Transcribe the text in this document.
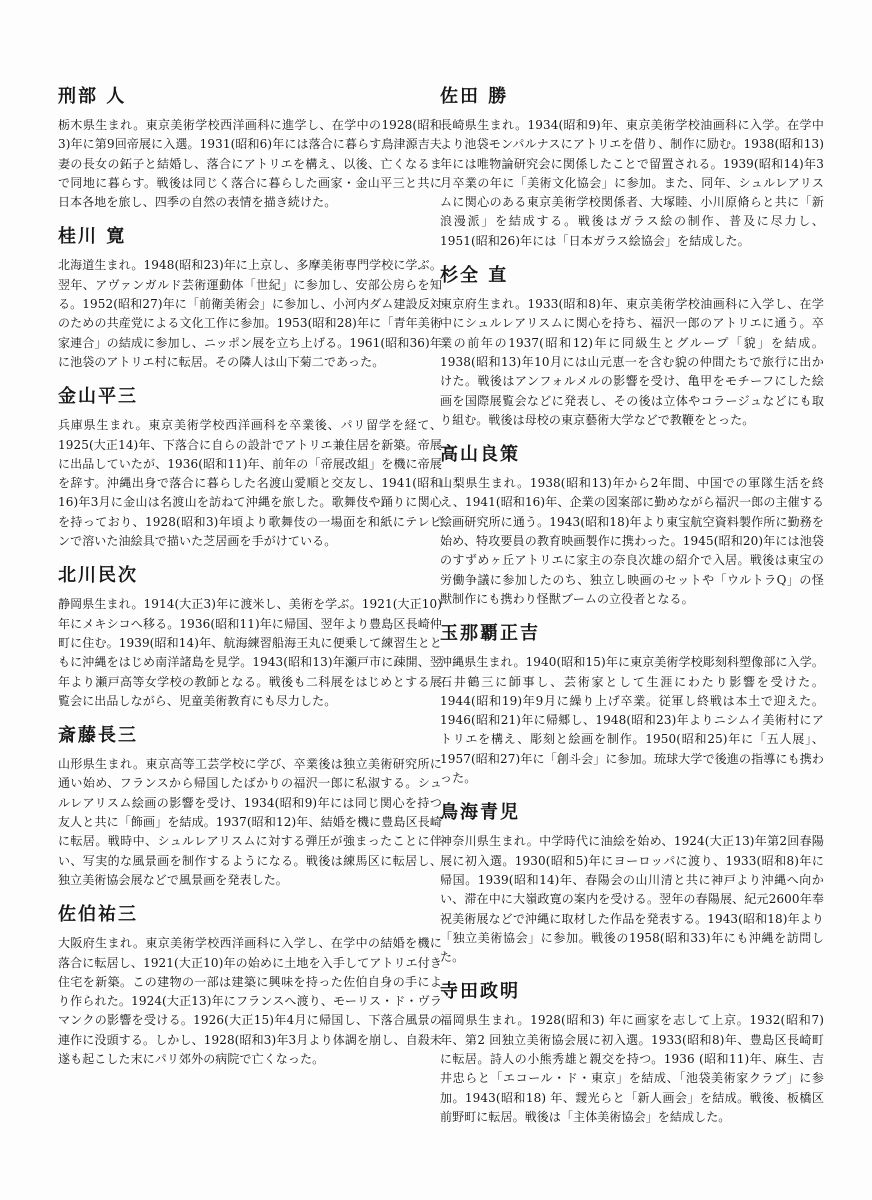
刑部 人

栃木県生まれ。東京美術学校西洋画科に進学し、在学中の1928(昭和3)年に第9回帝展に入選。1931(昭和6)年には落合に暮らす鳥津源吉夫妻の長女の鉐子と結婚し、落合にアトリエを構え、以後、亡くなるまで同地に暮らす。戦後は同じく落合に暮らした画家・金山平三と共に日本各地を旅し、四季の自然の表情を描き続けた。

桂川 寛

北海道生まれ。1948(昭和23)年に上京し、多摩美術専門学校に学ぶ。翌年、アヴァンガルド芸術運動体「世紀」に参加し、安部公房らを知る。1952(昭和27)年に「前衛美術会」に参加し、小河内ダム建設反対のための共産党による文化工作に参加。1953(昭和28)年に「青年美術家連合」の結成に参加し、ニッポン展を立ち上げる。1961(昭和36)年に池袋のアトリエ村に転居。その隣人は山下菊二であった。

金山平三

兵庫県生まれ。東京美術学校西洋画科を卒業後、パリ留学を経て、1925(大正14)年、下落合に自らの設計でアトリエ兼住居を新築。帝展に出品していたが、1936(昭和11)年、前年の「帝展改組」を機に帝展を辞す。沖縄出身で落合に暮らした名渡山愛順と交友し、1941(昭和16)年3月に金山は名渡山を訪ねて沖縄を旅した。歌舞伎や踊りに関心を持っており、1928(昭和3)年頃より歌舞伎の一場面を和紙にテレピンで溶いた油絵具で描いた芝居画を手がけている。

北川民次

静岡県生まれ。1914(大正3)年に渡米し、美術を学ぶ。1921(大正10)年にメキシコへ移る。1936(昭和11)年に帰国、翌年より豊島区長崎仲町に住む。1939(昭和14)年、航海練習船海王丸に便乗して練習生とともに沖縄をはじめ南洋諸島を見学。1943(昭和13)年瀬戸市に疎開、翌年より瀬戸高等女学校の教師となる。戦後も二科展をはじめとする展覧会に出品しながら、児童美術教育にも尽力した。

斎藤長三

山形県生まれ。東京高等工芸学校に学び、卒業後は独立美術研究所に通い始め、フランスから帰国したばかりの福沢一郎に私淑する。シュルレアリスム絵画の影響を受け、1934(昭和9)年には同じ関心を持つ友人と共に「飾画」を結成。1937(昭和12)年、結婚を機に豊島区長崎に転居。戦時中、シュルレアリスムに対する弾圧が強まったことに伴い、写実的な風景画を制作するようになる。戦後は練馬区に転居し、独立美術協会展などで風景画を発表した。

佐伯祐三

大阪府生まれ。東京美術学校西洋画科に入学し、在学中の結婚を機に落合に転居し、1921(大正10)年の始めに土地を入手してアトリエ付き住宅を新築。この建物の一部は建築に興味を持った佐伯自身の手により作られた。1924(大正13)年にフランスへ渡り、モーリス・ド・ヴラマンクの影響を受ける。1926(大正15)年4月に帰国し、下落合風景の連作に没頭する。しかし、1928(昭和3)年3月より体調を崩し、自殺未遂も起こした末にパリ郊外の病院で亡くなった。

佐田 勝

長崎県生まれ。1934(昭和9)年、東京美術学校油画科に入学。在学中より池袋モンパルナスにアトリエを借り、制作に励む。1938(昭和13)年には唯物論研究会に関係したことで留置される。1939(昭和14)年3月卒業の年に「美術文化協会」に参加。また、同年、シュルレアリスムに関心のある東京美術学校関係者、大塚睦、小川原脩らと共に「新浪漫派」を結成する。戦後はガラス絵の制作、普及に尽力し、1951(昭和26)年には「日本ガラス絵協会」を結成した。

杉全 直

東京府生まれ。1933(昭和8)年、東京美術学校油画科に入学し、在学中にシュルレアリスムに関心を持ち、福沢一郎のアトリエに通う。卒業の前年の1937(昭和12)年に同級生とグループ「貌」を結成。1938(昭和13)年10月には山元恵一を含む貌の仲間たちで旅行に出かけた。戦後はアンフォルメルの影響を受け、亀甲をモチーフにした絵画を国際展覧会などに発表し、その後は立体やコラージュなどにも取り組む。戦後は母校の東京藝術大学などで教鞭をとった。

高山良策

山梨県生まれ。1938(昭和13)年から2年間、中国での軍隊生活を終え、1941(昭和16)年、企業の図案部に勤めながら福沢一郎の主催する絵画研究所に通う。1943(昭和18)年より東宝航空資料製作所に勤務を始め、特攻要員の教育映画製作に携わった。1945(昭和20)年には池袋のすずめヶ丘アトリエに家主の奈良次雄の紹介で入居。戦後は東宝の労働争議に参加したのち、独立し映画のセットや「ウルトラQ」の怪獣制作にも携わり怪獣ブームの立役者となる。

玉那覇正吉

沖縄県生まれ。1940(昭和15)年に東京美術学校彫刻科塑像部に入学。石井鶴三に師事し、芸術家として生涯にわたり影響を受けた。1944(昭和19)年9月に繰り上げ卒業。従軍し終戦は本土で迎えた。1946(昭和21)年に帰郷し、1948(昭和23)年よりニシムイ美術村にアトリエを構え、彫刻と絵画を制作。1950(昭和25)年に「五人展」、1957(昭和27)年に「創斗会」に参加。琉球大学で後進の指導にも携わった。

鳥海青児

神奈川県生まれ。中学時代に油絵を始め、1924(大正13)年第2回春陽展に初入選。1930(昭和5)年にヨーロッパに渡り、1933(昭和8)年に帰国。1939(昭和14)年、春陽会の山川清と共に神戸より沖縄へ向かい、滞在中に大嶺政寛の案内を受ける。翌年の春陽展、紀元2600年奉祝美術展などで沖縄に取材した作品を発表する。1943(昭和18)年より「独立美術協会」に参加。戦後の1958(昭和33)年にも沖縄を訪問した。

寺田政明

福岡県生まれ。1928(昭和3) 年に画家を志して上京。1932(昭和7)年、第2 回独立美術協会展に初入選。1933(昭和8)年、豊島区長崎町に転居。詩人の小熊秀雄と親交を持つ。1936 (昭和11)年、麻生、吉井忠らと「エコール・ド・東京」を結成、「池袋美術家クラブ」に参加。1943(昭和18) 年、靉光らと「新人画会」を結成。戦後、板橋区前野町に転居。戦後は「主体美術協会」を結成した。
